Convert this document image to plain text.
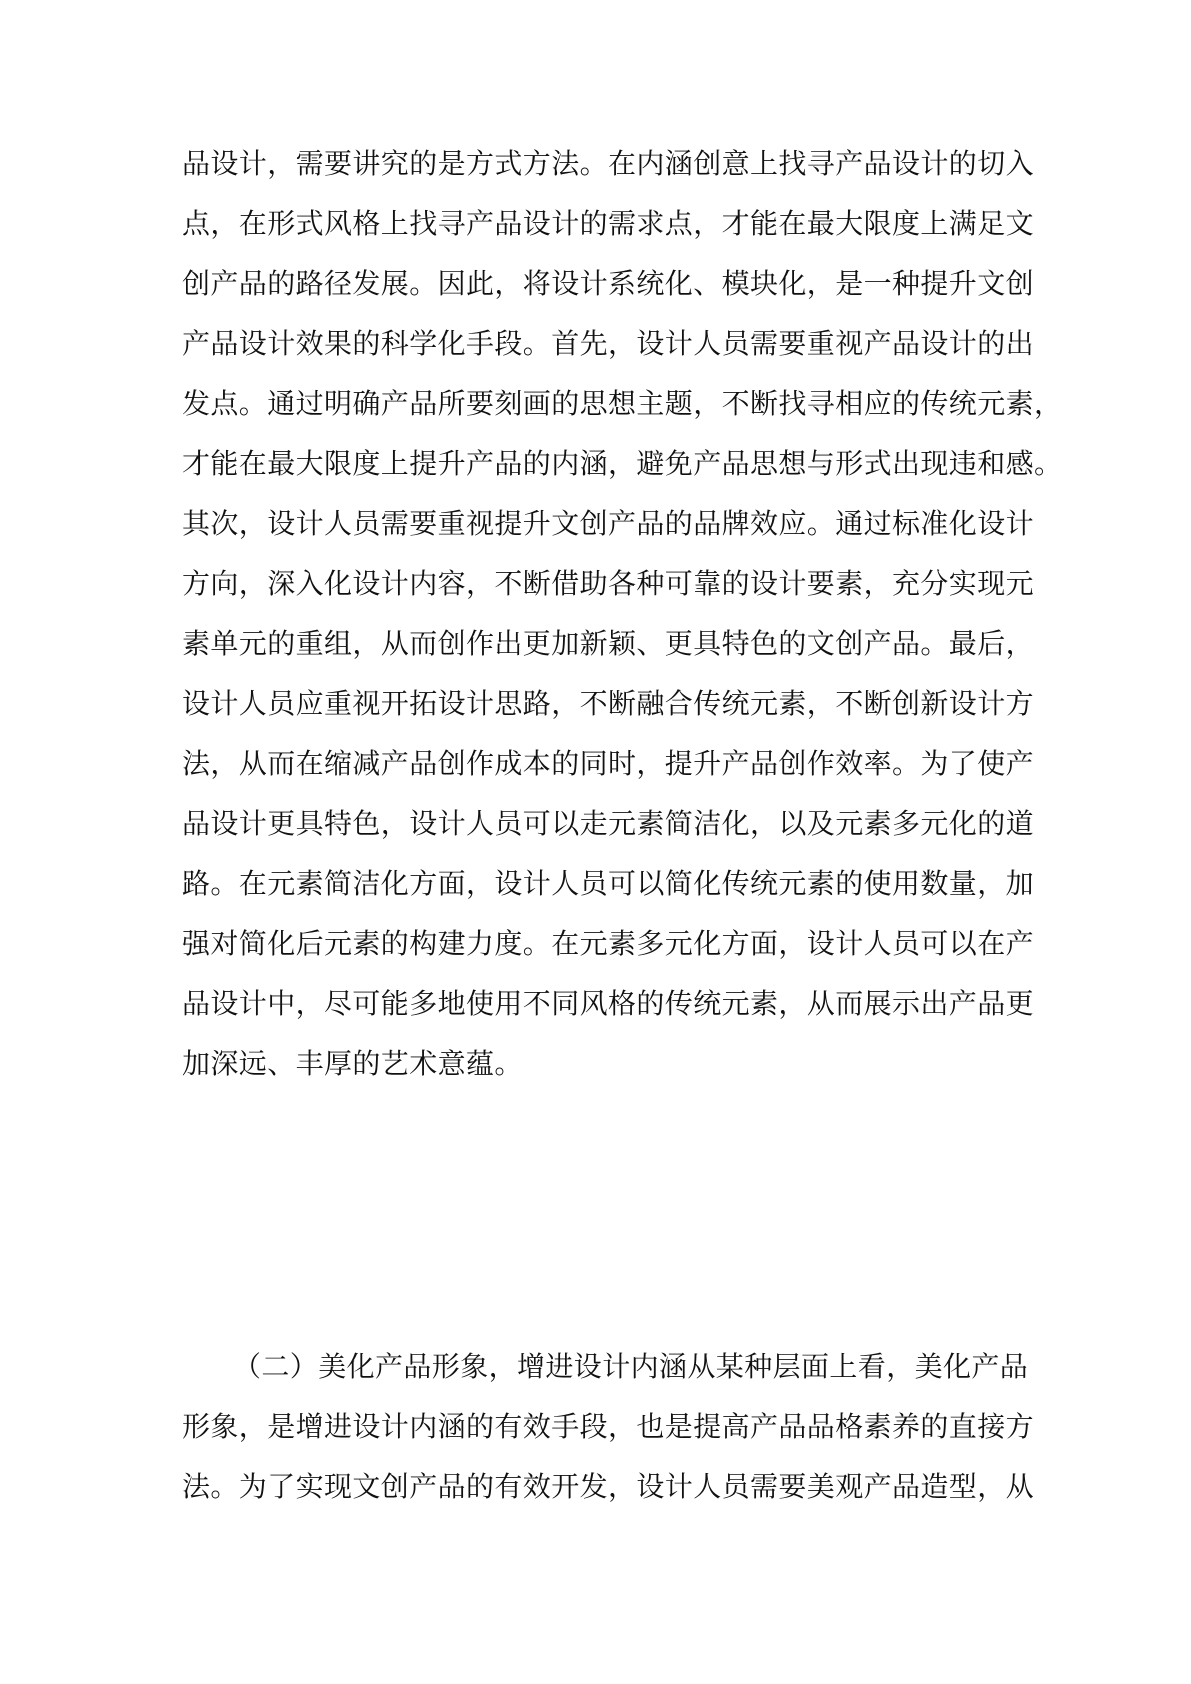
品设计，需要讲究的是方式方法。在内涵创意上找寻产品设计的切入
点，在形式风格上找寻产品设计的需求点，才能在最大限度上满足文
创产品的路径发展。因此，将设计系统化、模块化，是一种提升文创
产品设计效果的科学化手段。首先，设计人员需要重视产品设计的出
发点。通过明确产品所要刻画的思想主题，不断找寻相应的传统元素，
才能在最大限度上提升产品的内涵，避免产品思想与形式出现违和感。
其次，设计人员需要重视提升文创产品的品牌效应。通过标准化设计
方向，深入化设计内容，不断借助各种可靠的设计要素，充分实现元
素单元的重组，从而创作出更加新颖、更具特色的文创产品。最后，
设计人员应重视开拓设计思路，不断融合传统元素，不断创新设计方
法，从而在缩减产品创作成本的同时，提升产品创作效率。为了使产
品设计更具特色，设计人员可以走元素简洁化，以及元素多元化的道
路。在元素简洁化方面，设计人员可以简化传统元素的使用数量，加
强对简化后元素的构建力度。在元素多元化方面，设计人员可以在产
品设计中，尽可能多地使用不同风格的传统元素，从而展示出产品更
加深远、丰厚的艺术意蕴。
（二）美化产品形象，增进设计内涵从某种层面上看，美化产品
形象，是增进设计内涵的有效手段，也是提高产品品格素养的直接方
法。为了实现文创产品的有效开发，设计人员需要美观产品造型，从
